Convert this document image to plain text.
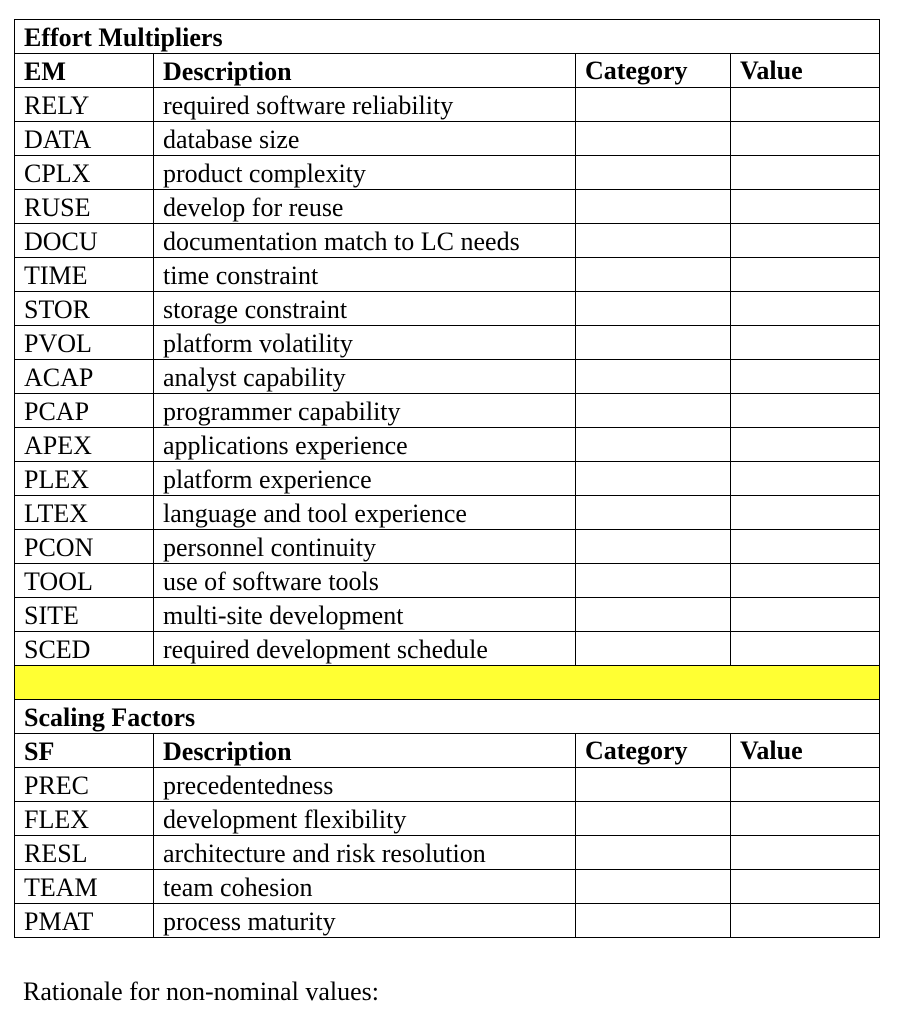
Effort Multipliers			
EM	Description	Category	Value
RELY	required software reliability		
DATA	database size		
CPLX	product complexity		
RUSE	develop for reuse		
DOCU	documentation match to LC needs		
TIME	time constraint		
STOR	storage constraint		
PVOL	platform volatility		
ACAP	analyst capability		
PCAP	programmer capability		
APEX	applications experience		
PLEX	platform experience		
LTEX	language and tool experience		
PCON	personnel continuity		
TOOL	use of software tools		
SITE	multi-site development		
SCED	required development schedule		

Scaling Factors			
SF	Description	Category	Value
PREC	precedentedness		
FLEX	development flexibility		
RESL	architecture and risk resolution		
TEAM	team cohesion		
PMAT	process maturity		
Rationale for non-nominal values:
